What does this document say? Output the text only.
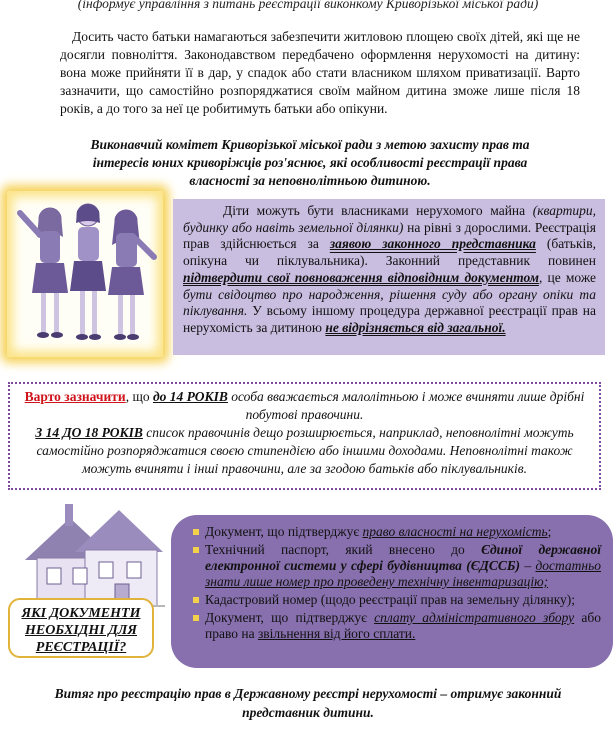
(інформує управління з питань реєстрації виконкому Криворізької міської ради)
Досить часто батьки намагаються забезпечити житловою площею своїх дітей, які ще не досягли повноліття. Законодавством передбачено оформлення нерухомості на дитину: вона може прийняти її в дар, у спадок або стати власником шляхом приватизації. Варто зазначити, що самостійно розпоряджатися своїм майном дитина зможе лише після 18 років, а до того за неї це робитимуть батьки або опікуни.
Виконавчий комітет Криворізької міської ради з метою захисту прав та інтересів юних криворіжців роз'яснює, які особливості реєстрації права власності за неповнолітньою дитиною.

Діти можуть бути власниками нерухомого майна (квартири, будинку або навіть земельної ділянки) на рівні з дорослими. Реєстрація прав здійснюється за заявою законного представника (батьків, опікуна чи піклувальника). Законний представник повинен підтвердити свої повноваження відповідним документом, це може бути свідоцтво про народження, рішення суду або органу опіки та піклування. У всьому іншому процедура державної реєстрації прав на нерухомість за дитиною не відрізняється від загальної.

Варто зазначити, що до 14 РОКІВ особа вважається малолітньою і може вчиняти лише дрібні побутові правочини.
З 14 ДО 18 РОКІВ список правочинів дещо розширюється, наприклад, неповнолітні можуть самостійно розпоряджатися своєю стипендією або іншими доходами. Неповнолітні також можуть вчиняти і інші правочини, але за згодою батьків або піклувальників.
ЯКІ ДОКУМЕНТИ НЕОБХІДНІ ДЛЯ РЕЄСТРАЦІЇ?
Документ, що підтверджує право власності на нерухомість;
Технічний паспорт, який внесено до Єдиної державної електронної системи у сфері будівництва (ЄДССБ) – достатньо знати лише номер про проведену технічну інвентаризацію;
Кадастровий номер (щодо реєстрації прав на земельну ділянку);
Документ, що підтверджує сплату адміністративного збору або право на звільнення від його сплати.
Витяг про реєстрацію прав в Державному реєстрі нерухомості – отримує законний представник дитини.
